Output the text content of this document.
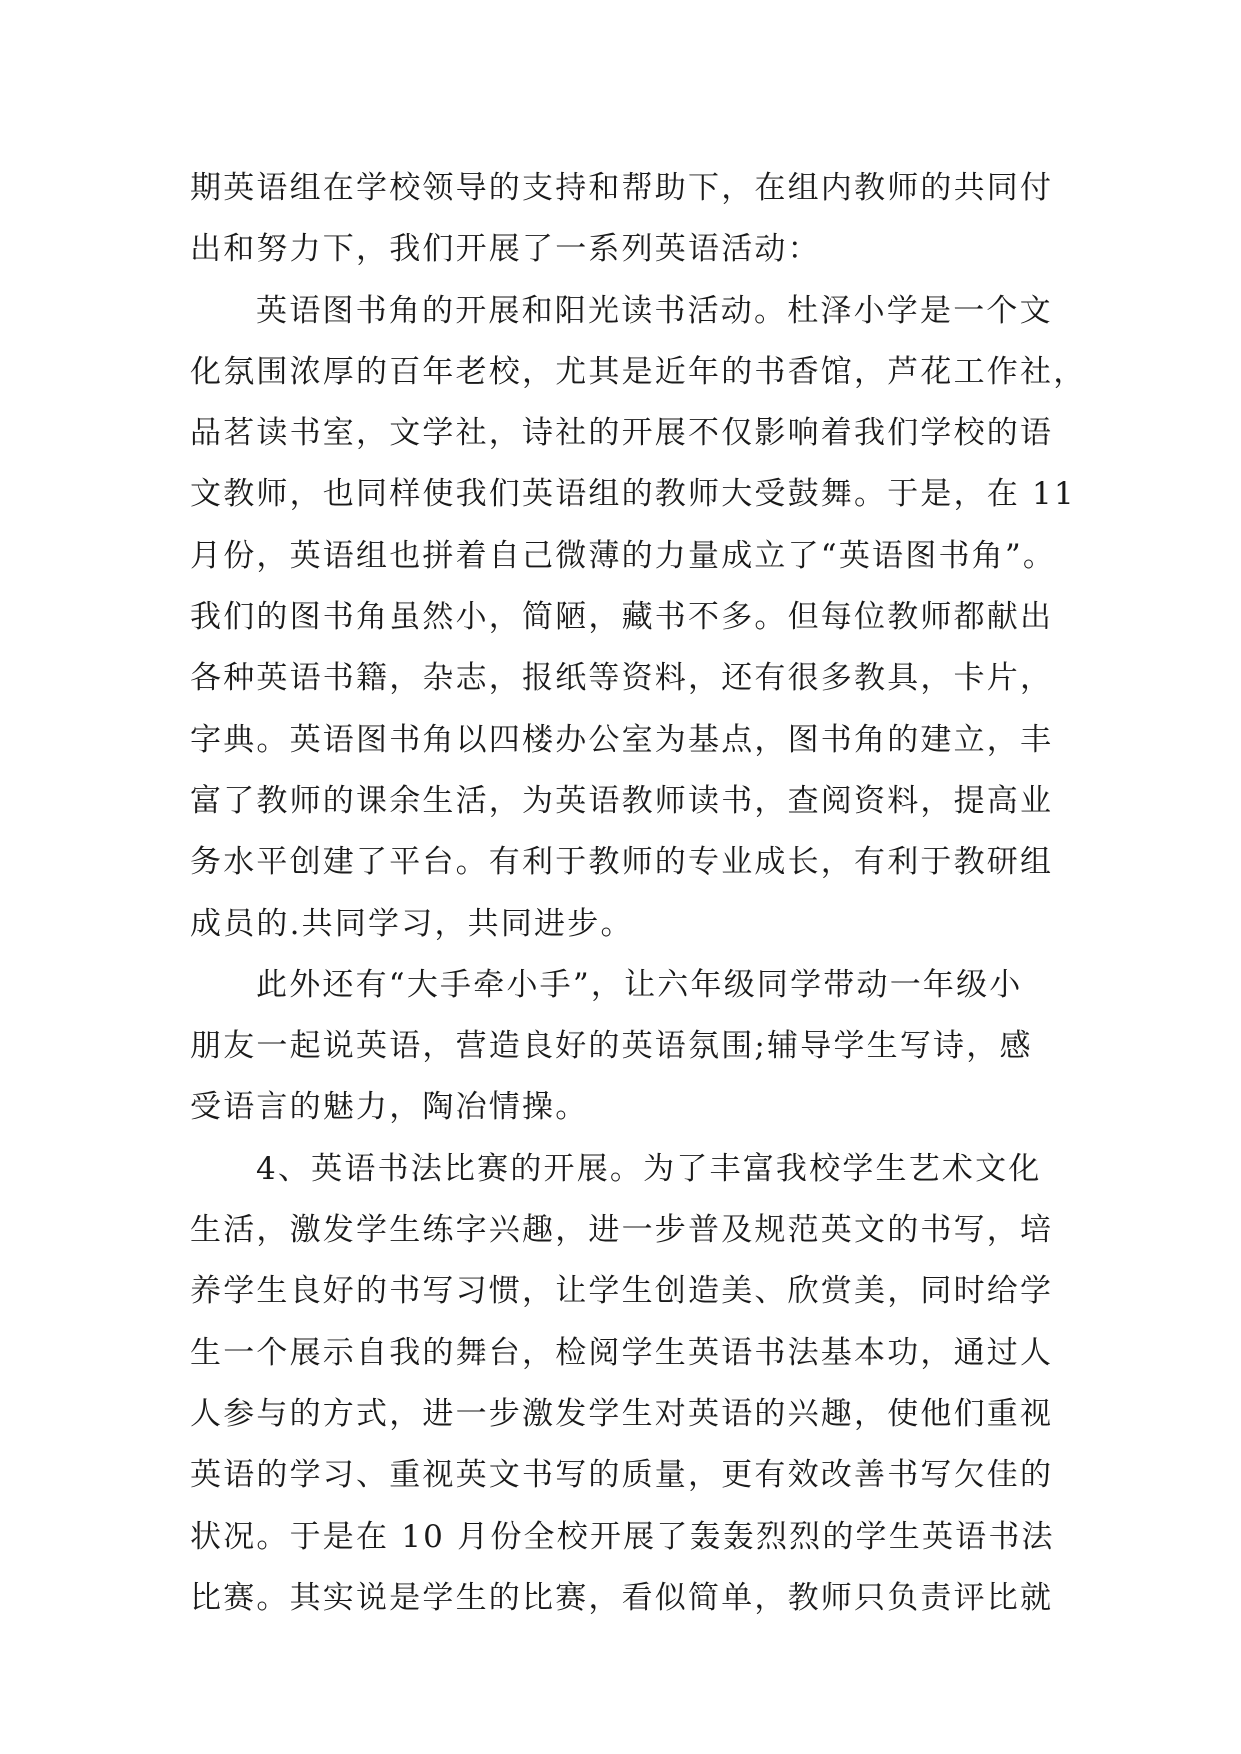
期英语组在学校领导的支持和帮助下，在组内教师的共同付
出和努力下，我们开展了一系列英语活动：
英语图书角的开展和阳光读书活动。杜泽小学是一个文
化氛围浓厚的百年老校，尤其是近年的书香馆，芦花工作社，
品茗读书室，文学社，诗社的开展不仅影响着我们学校的语
文教师，也同样使我们英语组的教师大受鼓舞。于是，在 11
月份，英语组也拼着自己微薄的力量成立了“英语图书角”。
我们的图书角虽然小，简陋，藏书不多。但每位教师都献出
各种英语书籍，杂志，报纸等资料，还有很多教具，卡片，
字典。英语图书角以四楼办公室为基点，图书角的建立，丰
富了教师的课余生活，为英语教师读书，查阅资料，提高业
务水平创建了平台。有利于教师的专业成长，有利于教研组
成员的.共同学习，共同进步。
此外还有“大手牵小手”，让六年级同学带动一年级小
朋友一起说英语，营造良好的英语氛围;辅导学生写诗，感
受语言的魅力，陶冶情操。
4、英语书法比赛的开展。为了丰富我校学生艺术文化
生活，激发学生练字兴趣，进一步普及规范英文的书写，培
养学生良好的书写习惯，让学生创造美、欣赏美，同时给学
生一个展示自我的舞台，检阅学生英语书法基本功，通过人
人参与的方式，进一步激发学生对英语的兴趣，使他们重视
英语的学习、重视英文书写的质量，更有效改善书写欠佳的
状况。于是在 10 月份全校开展了轰轰烈烈的学生英语书法
比赛。其实说是学生的比赛，看似简单，教师只负责评比就
